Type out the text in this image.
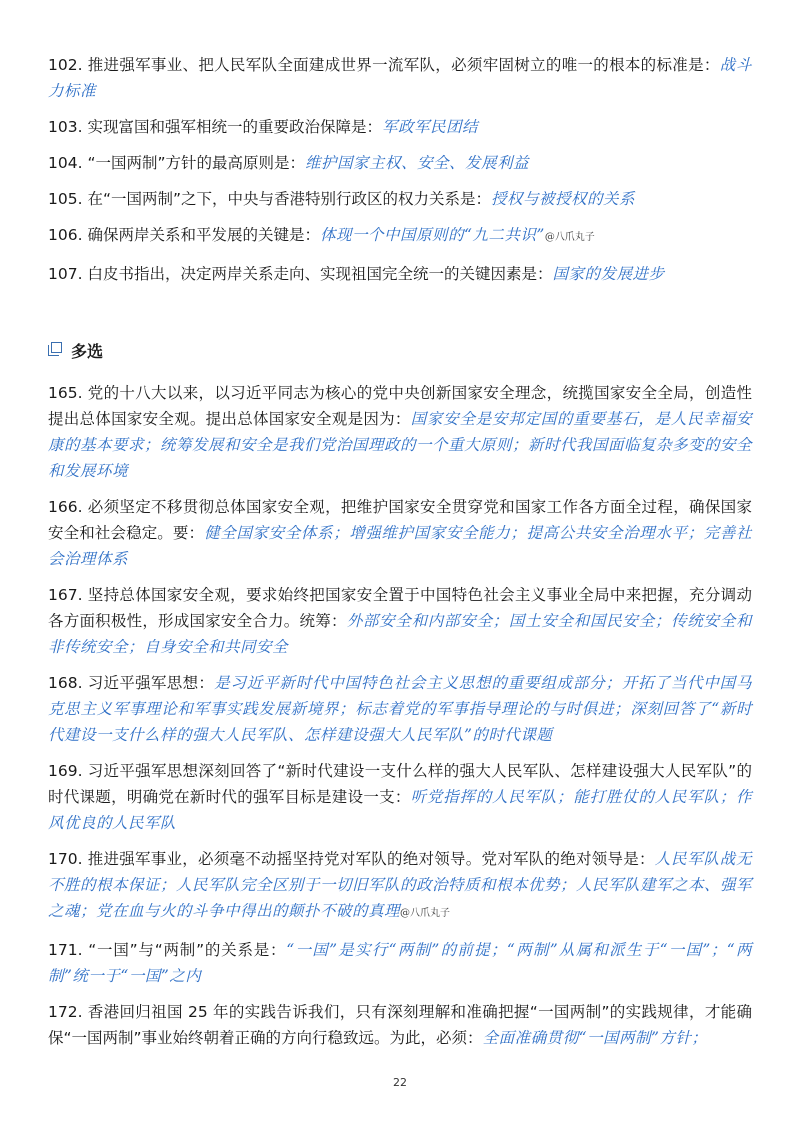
102. 推进强军事业、把人民军队全面建成世界一流军队，必须牢固树立的唯一的根本的标准是：战斗力标准

103. 实现富国和强军相统一的重要政治保障是：军政军民团结

104. “一国两制”方针的最高原则是：维护国家主权、安全、发展利益

105. 在“一国两制”之下，中央与香港特别行政区的权力关系是：授权与被授权的关系

106. 确保两岸关系和平发展的关键是：体现一个中国原则的“九二共识”@八爪丸子

107. 白皮书指出，决定两岸关系走向、实现祖国完全统一的关键因素是：国家的发展进步

多选

165. 党的十八大以来，以习近平同志为核心的党中央创新国家安全理念，统揽国家安全全局，创造性提出总体国家安全观。提出总体国家安全观是因为：国家安全是安邦定国的重要基石，是人民幸福安康的基本要求；统筹发展和安全是我们党治国理政的一个重大原则；新时代我国面临复杂多变的安全和发展环境

166. 必须坚定不移贯彻总体国家安全观，把维护国家安全贯穿党和国家工作各方面全过程，确保国家安全和社会稳定。要：健全国家安全体系；增强维护国家安全能力；提高公共安全治理水平；完善社会治理体系

167. 坚持总体国家安全观，要求始终把国家安全置于中国特色社会主义事业全局中来把握，充分调动各方面积极性，形成国家安全合力。统筹：外部安全和内部安全；国土安全和国民安全；传统安全和非传统安全；自身安全和共同安全

168. 习近平强军思想：是习近平新时代中国特色社会主义思想的重要组成部分；开拓了当代中国马克思主义军事理论和军事实践发展新境界；标志着党的军事指导理论的与时俱进；深刻回答了“新时代建设一支什么样的强大人民军队、怎样建设强大人民军队”的时代课题

169. 习近平强军思想深刻回答了“新时代建设一支什么样的强大人民军队、怎样建设强大人民军队”的时代课题，明确党在新时代的强军目标是建设一支：听党指挥的人民军队；能打胜仗的人民军队；作风优良的人民军队

170. 推进强军事业，必须毫不动摇坚持党对军队的绝对领导。党对军队的绝对领导是：人民军队战无不胜的根本保证；人民军队完全区别于一切旧军队的政治特质和根本优势；人民军队建军之本、强军之魂；党在血与火的斗争中得出的颠扑不破的真理@八爪丸子

171. “一国”与“两制”的关系是：“一国”是实行“两制”的前提；“两制”从属和派生于“一国”；“两制”统一于“一国”之内

172. 香港回归祖国 25 年的实践告诉我们，只有深刻理解和准确把握“一国两制”的实践规律，才能确保“一国两制”事业始终朝着正确的方向行稳致远。为此，必须：全面准确贯彻“一国两制”方针；

22
